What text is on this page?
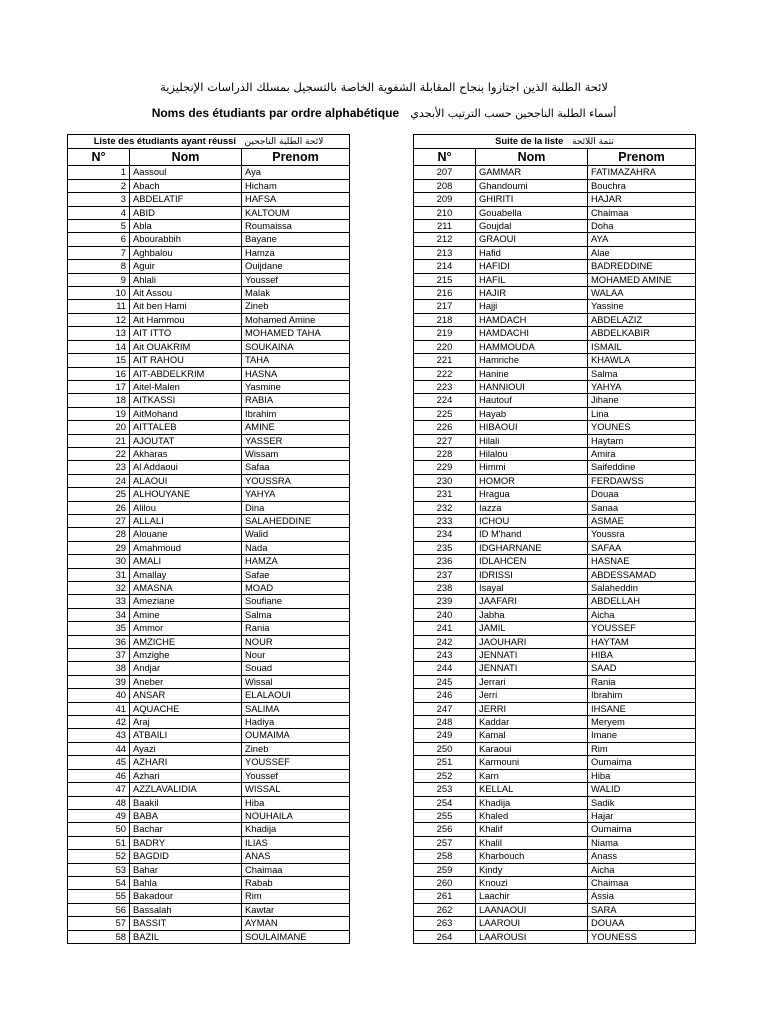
لائحة الطلبة الذين اجتازوا بنجاح المقابلة الشفوية الخاصة بالتسجيل بمسلك الدراسات الإنجليزية
Noms des étudiants par ordre alphabétique أسماء الطلبة الناجحين حسب الترتيب الأبجدي
Liste des étudiants ayant réussi لائحة الطلبة الناجحين		
N°	Nom	Prenom
1	Aassoul	Aya
2	Abach	Hicham
3	ABDELATIF	HAFSA
4	ABID	KALTOUM
5	Abla	Roumaissa
6	Abourabbih	Bayane
7	Aghbalou	Hamza
8	Aguir	Ouijdane
9	Ahlali	Youssef
10	Ait Assou	Malak
11	Ait ben Hami	Zineb
12	Ait Hammou	Mohamed Amine
13	AIT ITTO	MOHAMED TAHA
14	Ait OUAKRIM	SOUKAINA
15	AIT RAHOU	TAHA
16	AIT-ABDELKRIM	HASNA
17	Aitel-Malen	Yasmine
18	AITKASSI	RABIA
19	AitMohand	Ibrahim
20	AITTALEB	AMINE
21	AJOUTAT	YASSER
22	Akharas	Wissam
23	Al Addaoui	Safaa
24	ALAOUI	YOUSSRA
25	ALHOUYANE	YAHYA
26	Alilou	Dina
27	ALLALI	SALAHEDDINE
28	Alouane	Walid
29	Amahmoud	Nada
30	AMALI	HAMZA
31	Amallay	Safae
32	AMASNA	MOAD
33	Ameziane	Soufiane
34	Amine	Salma
35	Ammor	Rania
36	AMZICHE	NOUR
37	Amzighe	Nour
38	Andjar	Souad
39	Aneber	Wissal
40	ANSAR	ELALAOUI
41	AQUACHE	SALIMA
42	Araj	Hadiya
43	ATBAILI	OUMAIMA
44	Ayazi	Zineb
45	AZHARI	YOUSSEF
46	Azhari	Youssef
47	AZZLAVALIDIA	WISSAL
48	Baakil	Hiba
49	BABA	NOUHAILA
50	Bachar	Khadija
51	BADRY	ILIAS
52	BAGDID	ANAS
53	Bahar	Chaimaa
54	Bahla	Rabab
55	Bakadour	Rim
56	Bassalah	Kawtar
57	BASSIT	AYMAN
58	BAZIL	SOULAIMANE
Suite de la liste تتمة اللائحة		
N°	Nom	Prenom
207	GAMMAR	FATIMAZAHRA
208	Ghandoumi	Bouchra
209	GHIRITI	HAJAR
210	Gouabella	Chaimaa
211	Goujdal	Doha
212	GRAOUI	AYA
213	Hafid	Alae
214	HAFIDI	BADREDDINE
215	HAFIL	MOHAMED AMINE
216	HAJIR	WALAA
217	Hajji	Yassine
218	HAMDACH	ABDELAZIZ
219	HAMDACHI	ABDELKABIR
220	HAMMOUDA	ISMAIL
221	Hamriche	KHAWLA
222	Hanine	Salma
223	HANNIOUI	YAHYA
224	Hautouf	Jihane
225	Hayab	Lina
226	HIBAOUI	YOUNES
227	Hilali	Haytam
228	Hilalou	Amira
229	Himmi	Saifeddine
230	HOMOR	FERDAWSS
231	Hragua	Douaa
232	Iazza	Sanaa
233	ICHOU	ASMAE
234	ID M'hand	Youssra
235	IDGHARNANE	SAFAA
236	IDLAHCEN	HASNAE
237	IDRISSI	ABDESSAMAD
238	Isayal	Salaheddin
239	JAAFARI	ABDELLAH
240	Jabha	Aicha
241	JAMIL	YOUSSEF
242	JAOUHARI	HAYTAM
243	JENNATI	HIBA
244	JENNATI	SAAD
245	Jerrari	Rania
246	Jerri	Ibrahim
247	JERRI	IHSANE
248	Kaddar	Meryem
249	Kamal	Imane
250	Karaoui	Rim
251	Karmouni	Oumaima
252	Karn	Hiba
253	KELLAL	WALID
254	Khadija	Sadik
255	Khaled	Hajar
256	Khalif	Oumaima
257	Khalil	Niama
258	Kharbouch	Anass
259	Kindy	Aicha
260	Knouzi	Chaimaa
261	Laachir	Assia
262	LAANAOUI	SARA
263	LAAROUI	DOUAA
264	LAAROUSI	YOUNESS
